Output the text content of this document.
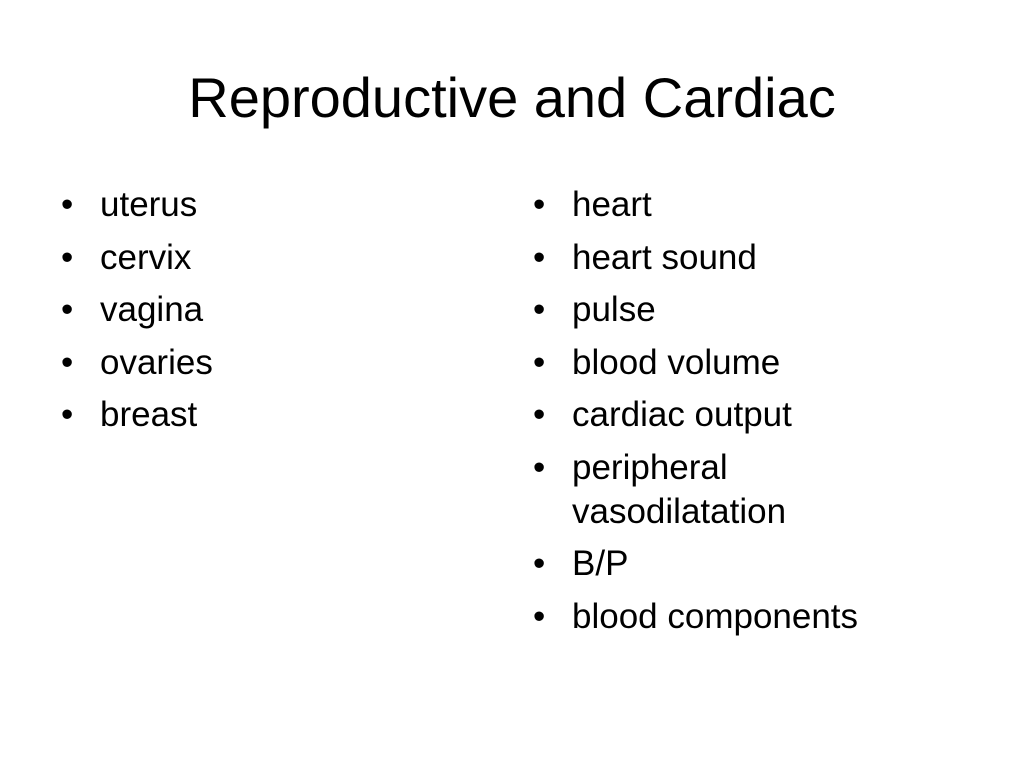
Reproductive and Cardiac
• uterus
• cervix
• vagina
• ovaries
• breast
• heart
• heart sound
• pulse
• blood volume
• cardiac output
• peripheral vasodilatation
• B/P
• blood components
